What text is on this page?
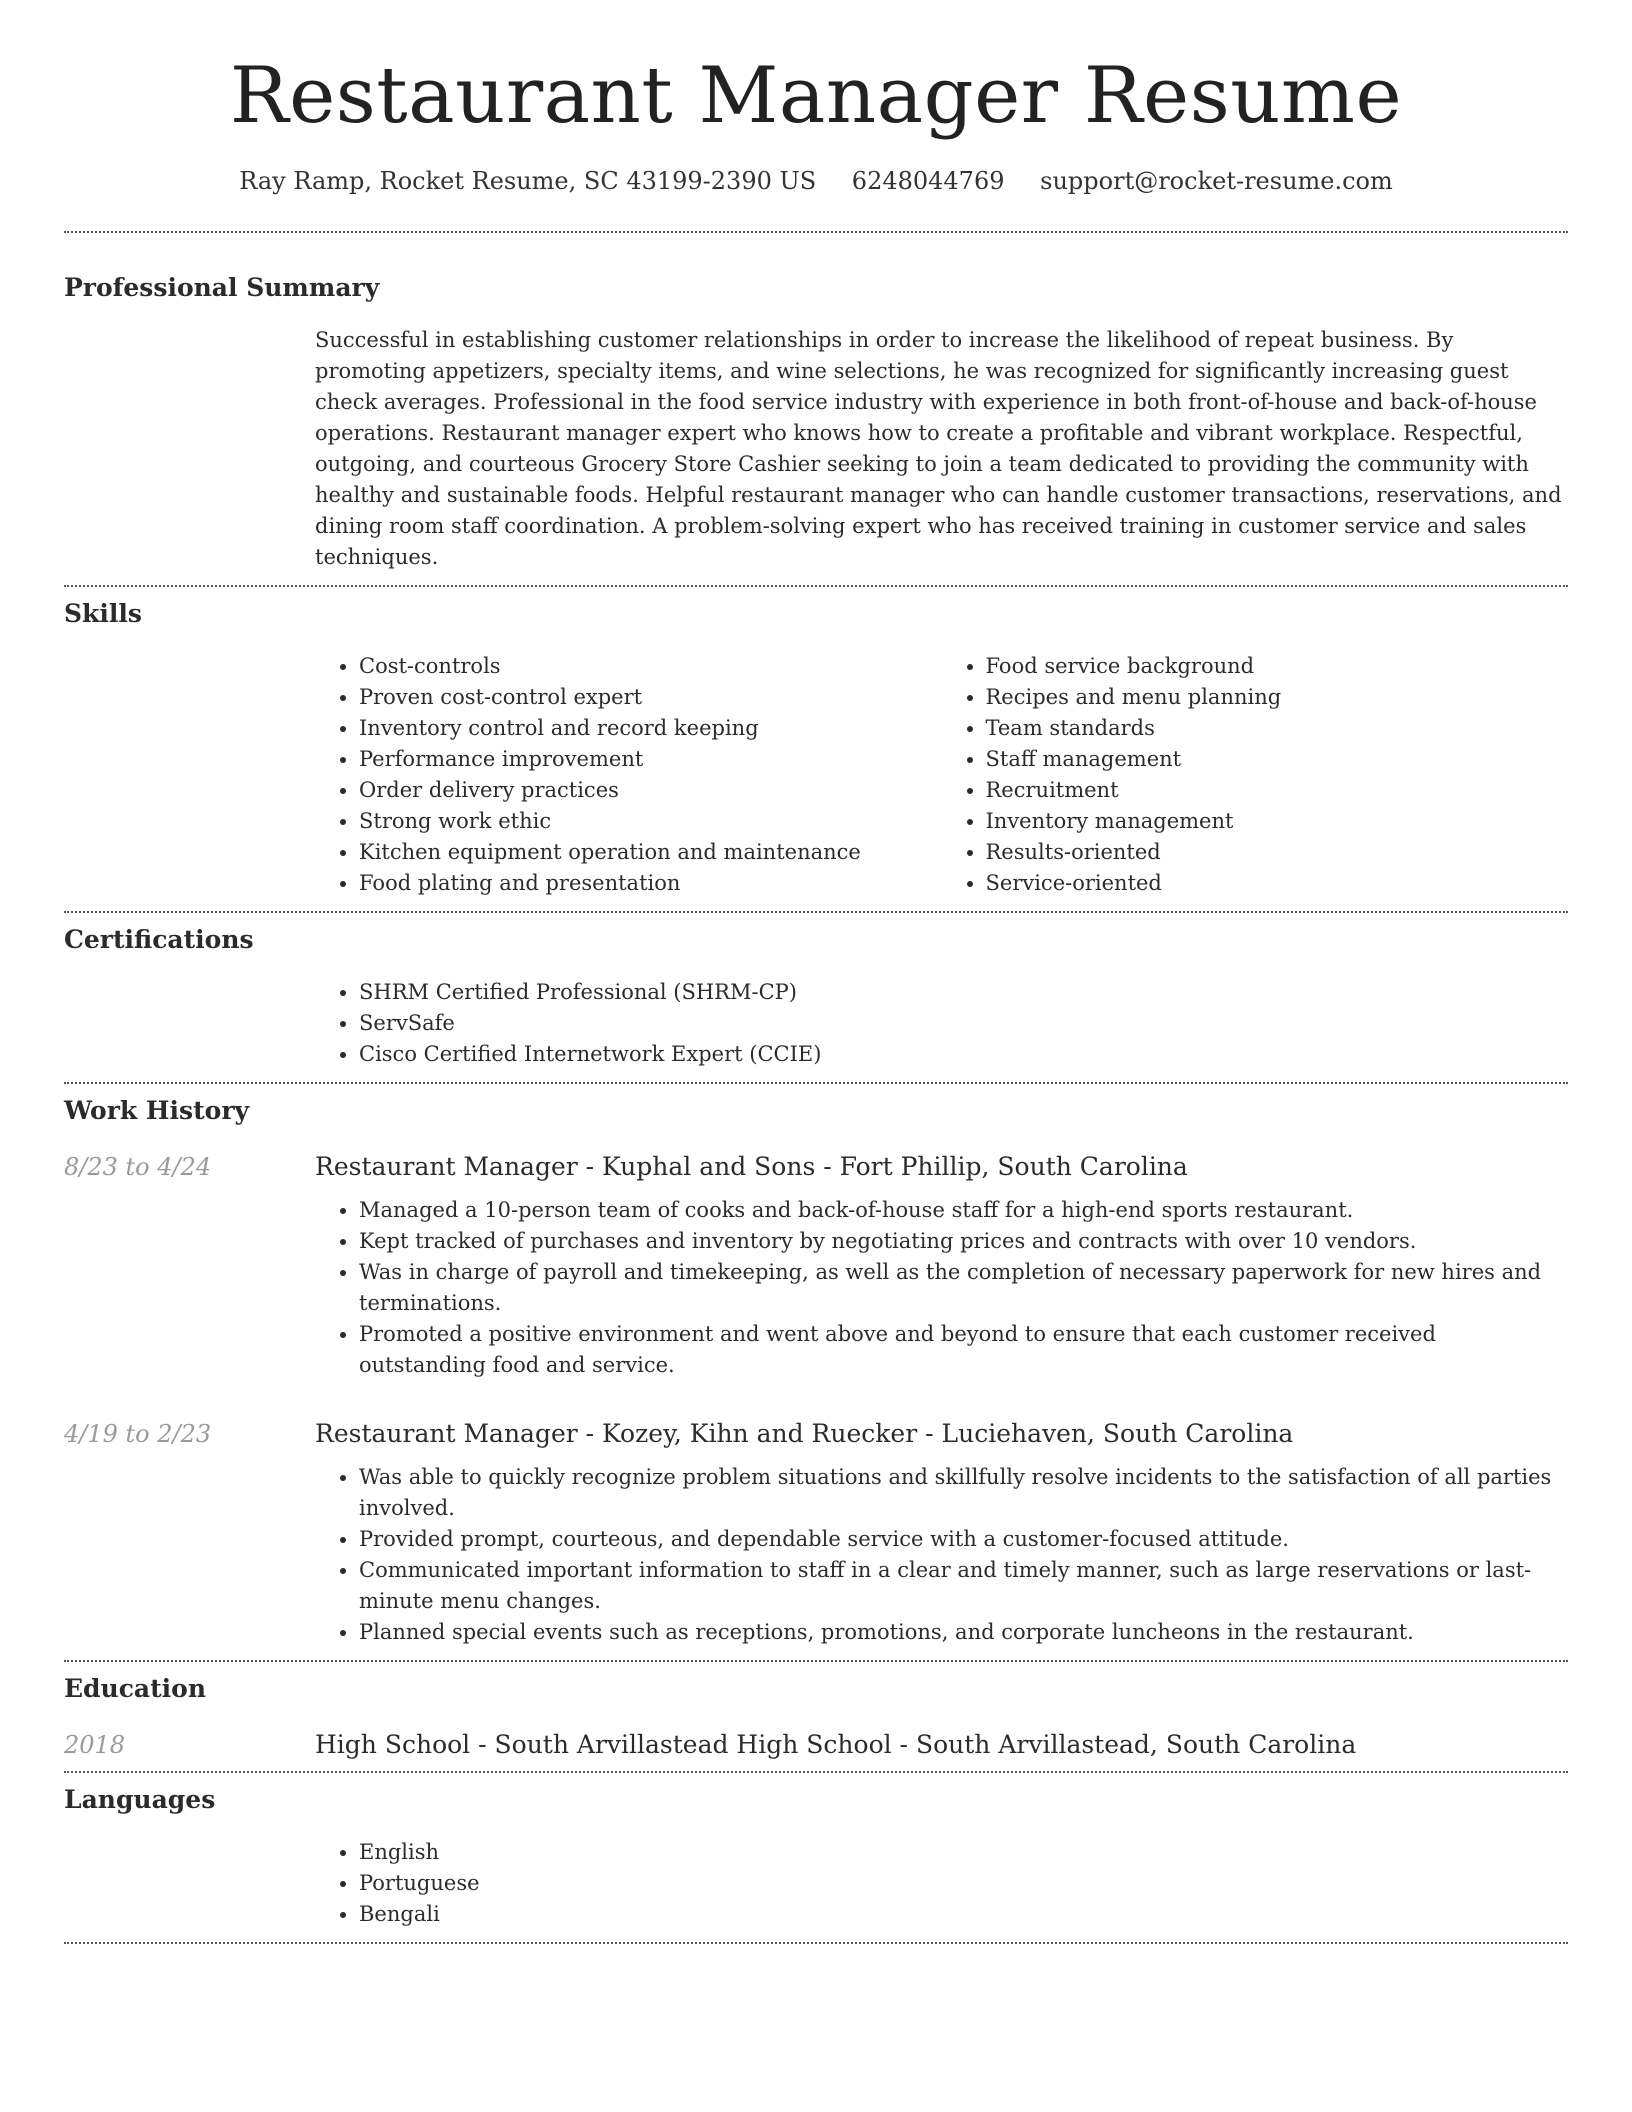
Restaurant Manager Resume
Ray Ramp, Rocket Resume, SC 43199-2390 US 6248044769 support@rocket-resume.com
Professional Summary

Successful in establishing customer relationships in order to increase the likelihood of repeat business. By promoting appetizers, specialty items, and wine selections, he was recognized for significantly increasing guest check averages. Professional in the food service industry with experience in both front-of-house and back-of-house operations. Restaurant manager expert who knows how to create a profitable and vibrant workplace. Respectful, outgoing, and courteous Grocery Store Cashier seeking to join a team dedicated to providing the community with healthy and sustainable foods. Helpful restaurant manager who can handle customer transactions, reservations, and dining room staff coordination. A problem-solving expert who has received training in customer service and sales techniques.

Skills
• Cost-controls
• Proven cost-control expert
• Inventory control and record keeping
• Performance improvement
• Order delivery practices
• Strong work ethic
• Kitchen equipment operation and maintenance
• Food plating and presentation
• Food service background
• Recipes and menu planning
• Team standards
• Staff management
• Recruitment
• Inventory management
• Results-oriented
• Service-oriented
Certifications
• SHRM Certified Professional (SHRM-CP)
• ServSafe
• Cisco Certified Internetwork Expert (CCIE)
Work History
8/23 to 4/24	Restaurant Manager - Kuphal and Sons - Fort Phillip, South Carolina
• Managed a 10-person team of cooks and back-of-house staff for a high-end sports restaurant.
• Kept tracked of purchases and inventory by negotiating prices and contracts with over 10 vendors.
• Was in charge of payroll and timekeeping, as well as the completion of necessary paperwork for new hires and terminations.
• Promoted a positive environment and went above and beyond to ensure that each customer received outstanding food and service.
4/19 to 2/23	Restaurant Manager - Kozey, Kihn and Ruecker - Luciehaven, South Carolina
• Was able to quickly recognize problem situations and skillfully resolve incidents to the satisfaction of all parties involved.
• Provided prompt, courteous, and dependable service with a customer-focused attitude.
• Communicated important information to staff in a clear and timely manner, such as large reservations or last-minute menu changes.
• Planned special events such as receptions, promotions, and corporate luncheons in the restaurant.
Education
2018	High School - South Arvillastead High School - South Arvillastead, South Carolina
Languages
• English
• Portuguese
• Bengali
